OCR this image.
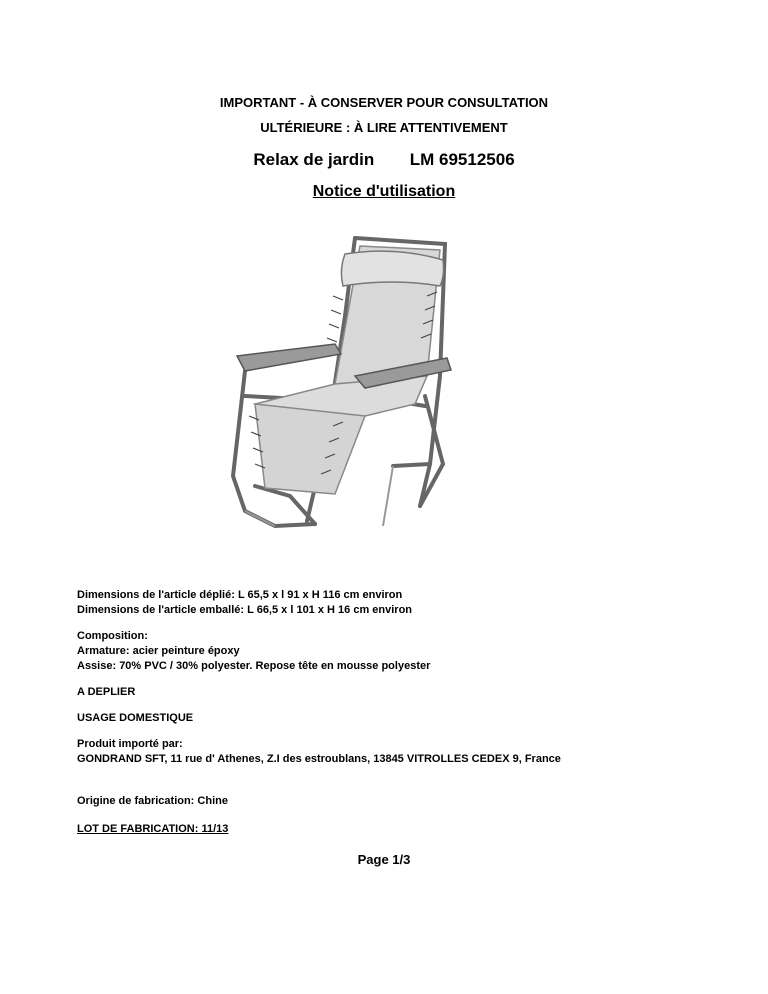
IMPORTANT - À CONSERVER POUR CONSULTATION

ULTÉRIEURE : À LIRE ATTENTIVEMENT

Relax de jardin LM 69512506

Notice d'utilisation

Dimensions de l'article déplié: L 65,5 x l 91 x H 116 cm environ

Dimensions de l'article emballé: L 66,5 x l 101 x H 16 cm environ

Composition:

Armature: acier peinture époxy

Assise: 70% PVC / 30% polyester. Repose tête en mousse polyester

A DEPLIER

USAGE DOMESTIQUE

Produit importé par:

GONDRAND SFT, 11 rue d' Athenes, Z.I des estroublans, 13845 VITROLLES CEDEX 9, France

Origine de fabrication: Chine

LOT DE FABRICATION: 11/13

Page 1/3
